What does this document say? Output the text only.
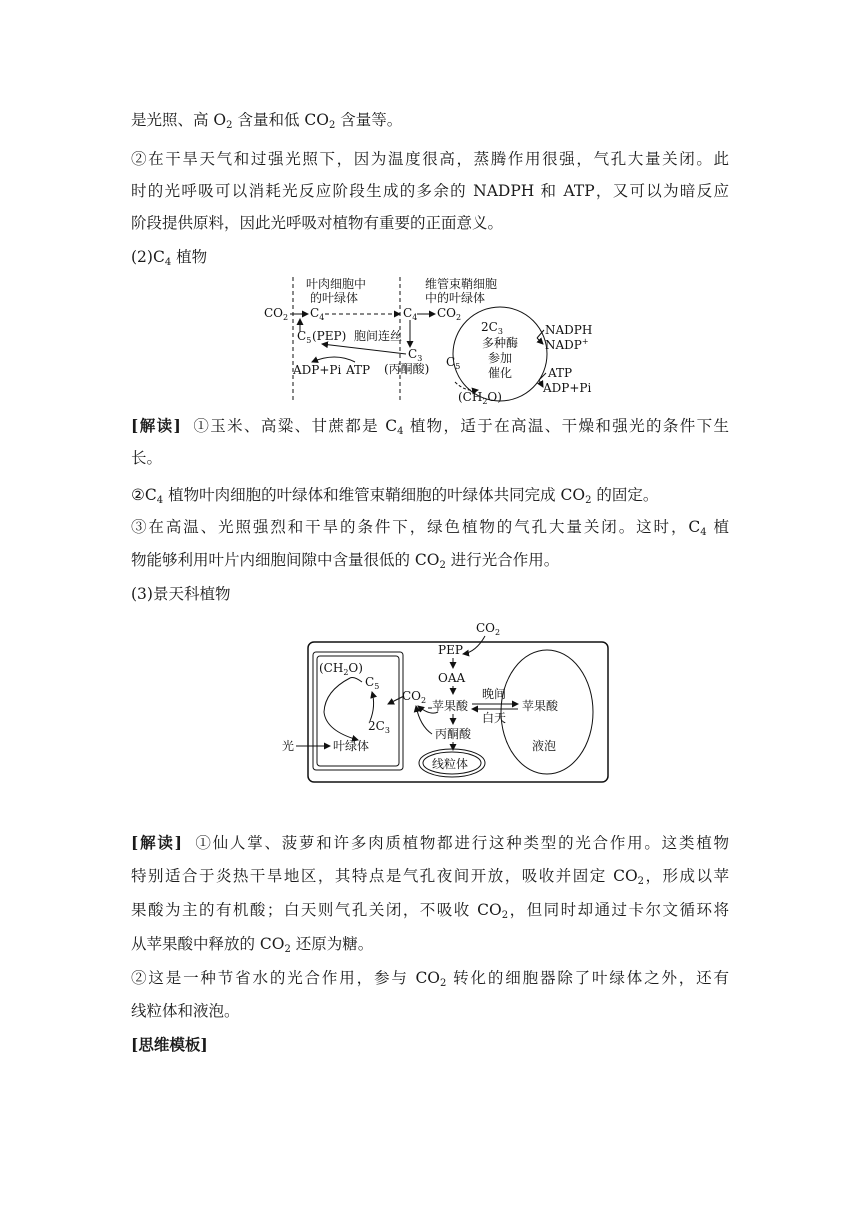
是光照、高 $O_2$ 含量和低 $CO_2$ 含量等。
②在干旱天气和过强光照下，因为温度很高，蒸腾作用很强，气孔大量关闭。此
时的光呼吸可以消耗光反应阶段生成的多余的 NADPH 和 ATP，又可以为暗反应
阶段提供原料，因此光呼吸对植物有重要的正面意义。
$(2)C_4$ 植物
叶肉细胞中
的叶绿体
维管束鞘细胞
中的叶绿体
$CO_2$ $C_4$	$C_4$ $CO_2$
$C_5$ (PEP) 胞间连丝
$C_3$
(丙酮酸)
ADP+Pi ATP
$2C_3$
多种酶
参加
催化
$C_5$
$(CH_2O)$
NADPH
NADP+
ATP
ADP+Pi
[解读] ①玉米、高粱、甘蔗都是 $C_4$ 植物，适于在高温、干燥和强光的条件下生
长。
$②C_4$ 植物叶肉细胞的叶绿体和维管束鞘细胞的叶绿体共同完成 $CO_2$ 的固定。
③在高温、光照强烈和干旱的条件下，绿色植物的气孔大量关闭。这时，$C_4$ 植
物能够利用叶片内细胞间隙中含量很低的 $CO_2$ 进行光合作用。
(3)景天科植物
$CO_2$
PEP
OAA
$(CH_2O)$
$C_5$
$2C_3$
光	叶绿体
$CO_2$ 苹果酸
晚间
白天
苹果酸
液泡
丙酮酸
线粒体
[解读] ①仙人掌、菠萝和许多肉质植物都进行这种类型的光合作用。这类植物
特别适合于炎热干旱地区，其特点是气孔夜间开放，吸收并固定 $CO_2$，形成以苹
果酸为主的有机酸；白天则气孔关闭，不吸收 $CO_2$，但同时却通过卡尔文循环将
从苹果酸中释放的 $CO_2$ 还原为糖。
②这是一种节省水的光合作用，参与 $CO_2$ 转化的细胞器除了叶绿体之外，还有
线粒体和液泡。
[思维模板]
